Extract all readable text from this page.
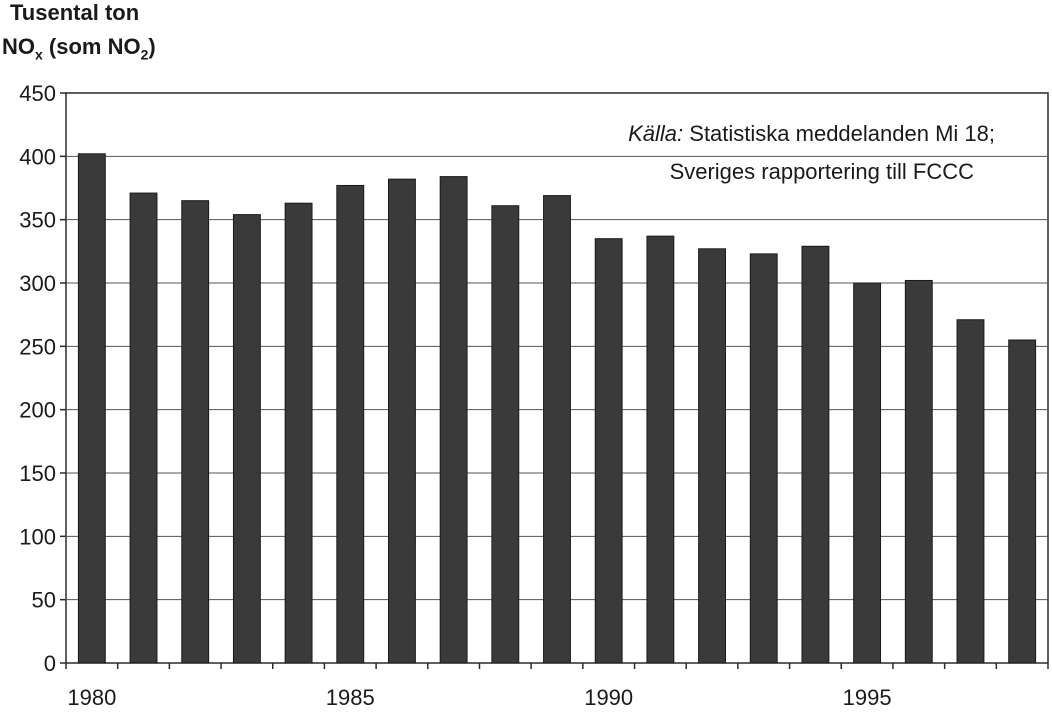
Tusental ton
$NO_x$ (som $NO_2$)
0
50
100
150
200
250
300
350
400
450
1980	1985	1990	1995
Källa: Statistiska meddelanden Mi 18;
Sveriges rapportering till FCCC
